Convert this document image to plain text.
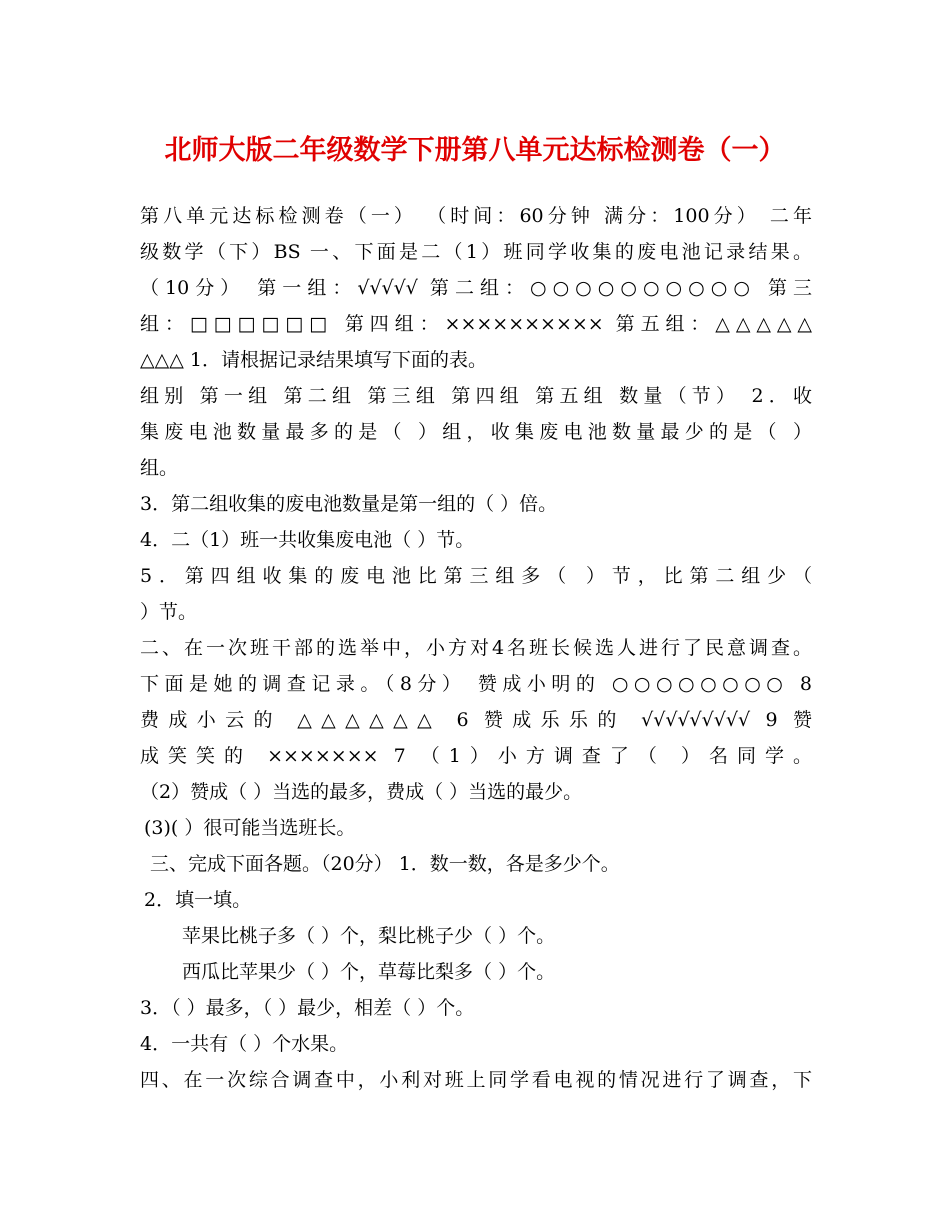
北师大版二年级数学下册第八单元达标检测卷（一）
第八单元达标检测卷（一） （时间：60分钟 满分：100分） 二年
级数学（下）BS 一、下面是二（1）班同学收集的废电池记录结果。
（10分） 第一组：√√√√√ 第二组：○○○○○○○○○○ 第三
组：□□□□□□ 第四组：×××××××××× 第五组：△△△△△
△△△ 1．请根据记录结果填写下面的表。
组别 第一组 第二组 第三组 第四组 第五组 数量（节） 2．收
集废电池数量最多的是（ ）组，收集废电池数量最少的是（ ）
组。
3．第二组收集的废电池数量是第一组的（ ）倍。
4．二（1）班一共收集废电池（ ）节。
5．第四组收集的废电池比第三组多（ ）节，比第二组少（
）节。
二、在一次班干部的选举中，小方对4名班长候选人进行了民意调查。
下面是她的调查记录。（8分） 赞成小明的 ○○○○○○○○ 8
费成小云的 △△△△△△ 6 赞成乐乐的 √√√√√√√√√ 9 赞
成笑笑的 ××××××× 7 （1）小方调查了（ ）名同学。
（2）赞成（ ）当选的最多，费成（ ）当选的最少。
(3)( ）很可能当选班长。
三、完成下面各题。（20分） 1．数一数，各是多少个。
2．填一填。
苹果比桃子多（ ）个，梨比桃子少（ ）个。
西瓜比苹果少（ ）个，草莓比梨多（ ）个。
3．（ ）最多，（ ）最少，相差（ ）个。
4．一共有（ ）个水果。
四、在一次综合调查中，小利对班上同学看电视的情况进行了调查，下
